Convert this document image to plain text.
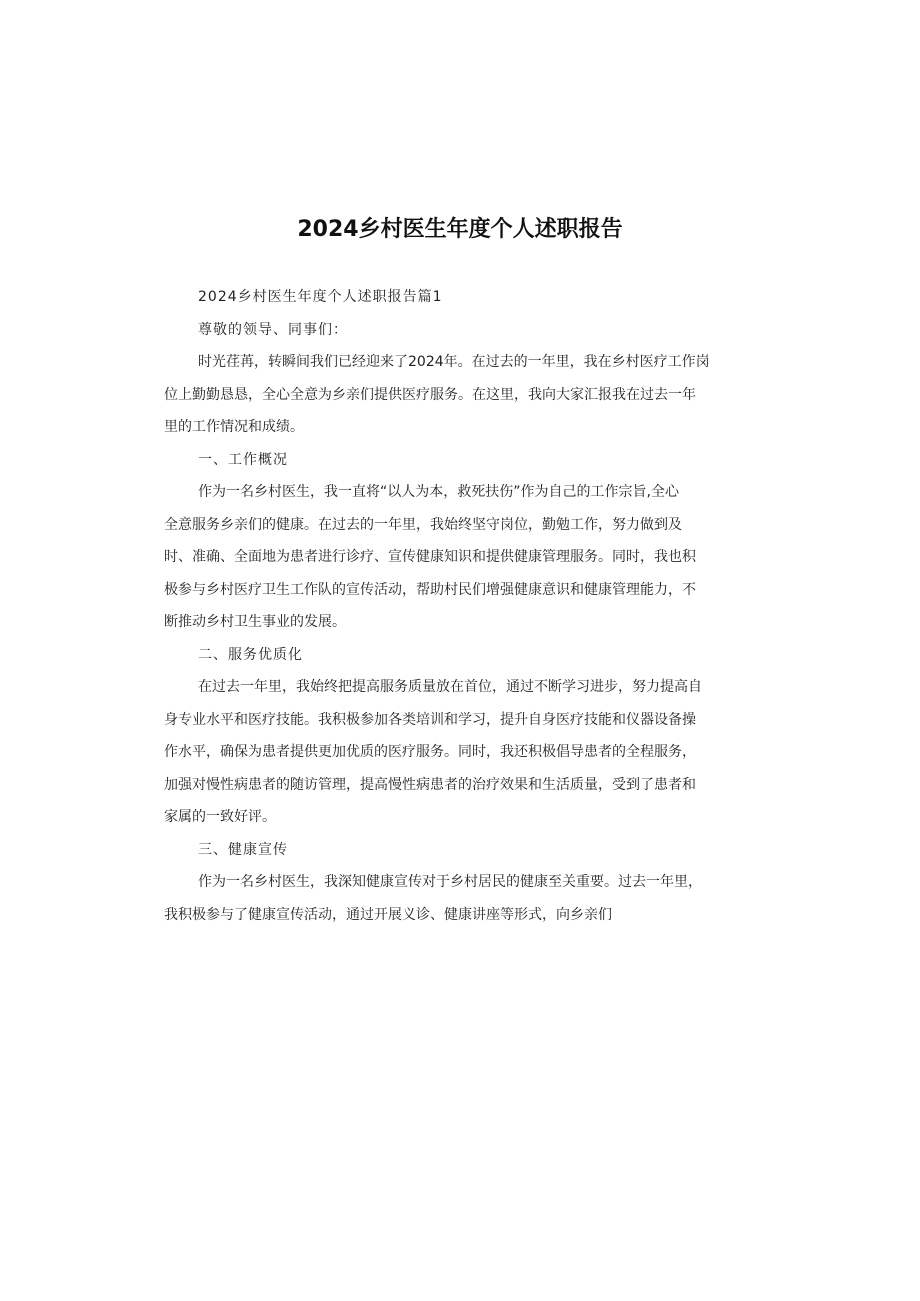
2024乡村医生年度个人述职报告
2024乡村医生年度个人述职报告篇1
尊敬的领导、同事们：
时光荏苒，转瞬间我们已经迎来了2024年。在过去的一年里，我在乡村医疗工作岗
位上勤勤恳恳，全心全意为乡亲们提供医疗服务。在这里，我向大家汇报我在过去一年
里的工作情况和成绩。
一、工作概况
作为一名乡村医生，我一直将“以人为本，救死扶伤”作为自己的工作宗旨,全心
全意服务乡亲们的健康。在过去的一年里，我始终坚守岗位，勤勉工作，努力做到及
时、准确、全面地为患者进行诊疗、宣传健康知识和提供健康管理服务。同时，我也积
极参与乡村医疗卫生工作队的宣传活动，帮助村民们增强健康意识和健康管理能力，不
断推动乡村卫生事业的发展。
二、服务优质化
在过去一年里，我始终把提高服务质量放在首位，通过不断学习进步，努力提高自
身专业水平和医疗技能。我积极参加各类培训和学习，提升自身医疗技能和仪器设备操
作水平，确保为患者提供更加优质的医疗服务。同时，我还积极倡导患者的全程服务，
加强对慢性病患者的随访管理，提高慢性病患者的治疗效果和生活质量，受到了患者和
家属的一致好评。
三、健康宣传
作为一名乡村医生，我深知健康宣传对于乡村居民的健康至关重要。过去一年里，
我积极参与了健康宣传活动，通过开展义诊、健康讲座等形式，向乡亲们
